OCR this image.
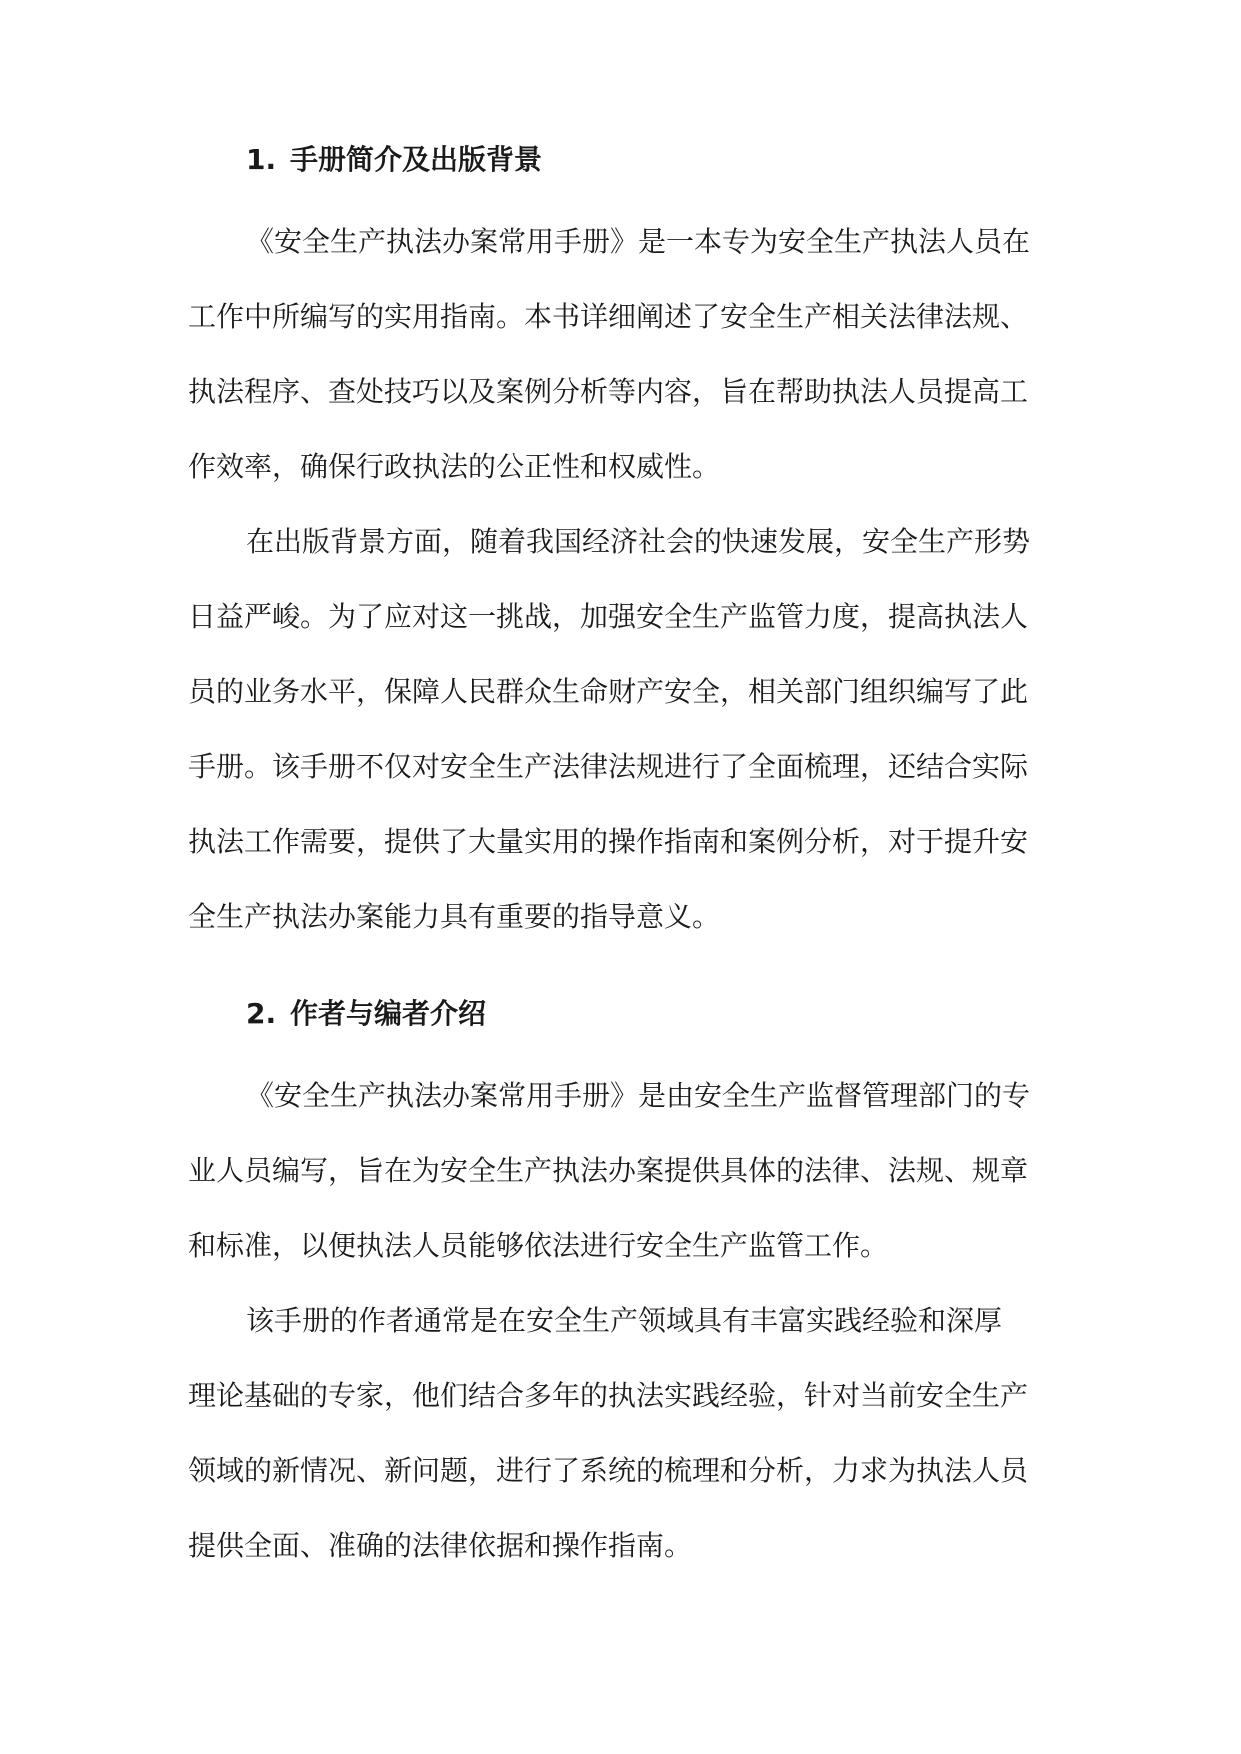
1. 手册简介及出版背景

《安全生产执法办案常用手册》是一本专为安全生产执法人员在
工作中所编写的实用指南。本书详细阐述了安全生产相关法律法规、
执法程序、查处技巧以及案例分析等内容，旨在帮助执法人员提高工
作效率，确保行政执法的公正性和权威性。

在出版背景方面，随着我国经济社会的快速发展，安全生产形势
日益严峻。为了应对这一挑战，加强安全生产监管力度，提高执法人
员的业务水平，保障人民群众生命财产安全，相关部门组织编写了此
手册。该手册不仅对安全生产法律法规进行了全面梳理，还结合实际
执法工作需要，提供了大量实用的操作指南和案例分析，对于提升安
全生产执法办案能力具有重要的指导意义。

2. 作者与编者介绍

《安全生产执法办案常用手册》是由安全生产监督管理部门的专
业人员编写，旨在为安全生产执法办案提供具体的法律、法规、规章
和标准，以便执法人员能够依法进行安全生产监管工作。

该手册的作者通常是在安全生产领域具有丰富实践经验和深厚
理论基础的专家，他们结合多年的执法实践经验，针对当前安全生产
领域的新情况、新问题，进行了系统的梳理和分析，力求为执法人员
提供全面、准确的法律依据和操作指南。
